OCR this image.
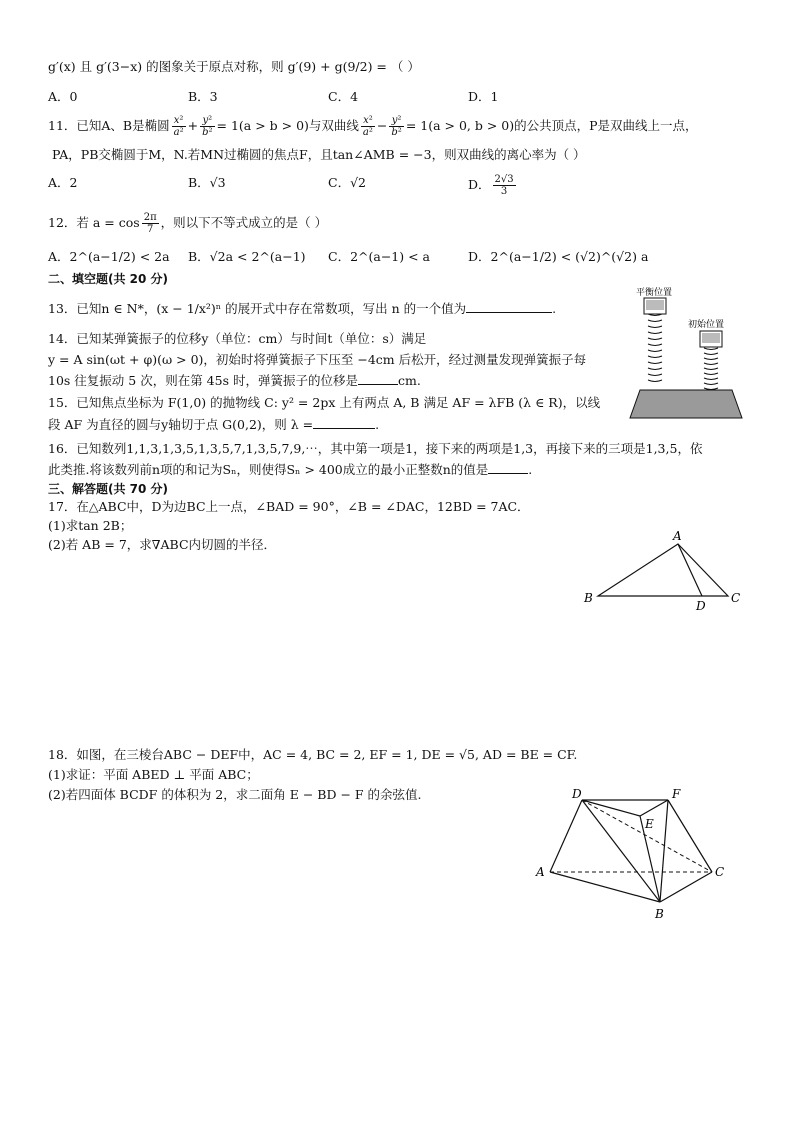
g′(x) 且 g′(3−x) 的图象关于原点对称，则 g′(9) + g(9/2) = （ ）
A．0	B．3	C．4	D．1
11．已知A、B是椭圆 $\frac{\text{x²}}{\text{a²}} + \frac{\text{y²}}{\text{b²}} = 1(a > b > 0)$与双曲线 $\frac{\text{x²}}{\text{a²}} - \frac{\text{y²}}{\text{b²}} = 1(a > 0$, b > 0)的公共顶点，P是双曲线上一点，
PA，PB交椭圆于M，N.若MN过椭圆的焦点F，且tan∠AMB = −3，则双曲线的离心率为（ ）
A．2	B．√3	C．√2	D． $\frac{2√3}{3}$
12．若 $a = \cos \frac{2\pi}{7}$ ，则以下不等式成立的是（ ）
A．2^(a−1/2) < 2a	B．√2a < 2^(a−1)	C．2^(a−1) < a	D．2^(a−1/2) < (√2)^(√2) a
二、填空题(共 20 分)
13．已知n ∈ N*，(x − 1/x²)ⁿ 的展开式中存在常数项，写出 n 的一个值为	.
14．已知某弹簧振子的位移y（单位：cm）与时间t（单位：s）满足
y = A sin(ωt + φ)(ω > 0)，初始时将弹簧振子下压至 −4cm 后松开，经过测量发现弹簧振子每
10s 往复振动 5 次，则在第 45s 时，弹簧振子的位移是	cm.
平衡位置
初始位置
15．已知焦点坐标为 F(1,0) 的抛物线 C: y² = 2px 上有两点 A, B 满足 AF = λFB (λ ∈ R)，以线
段 AF 为直径的圆与y轴切于点 G(0,2)，则 λ =	.
16．已知数列1,1,3,1,3,5,1,3,5,7,1,3,5,7,9,⋯，其中第一项是1，接下来的两项是1,3，再接下来的三项是1,3,5，依
此类推.将该数列前n项的和记为Sₙ，则使得Sₙ > 400成立的最小正整数n的值是	.
三、解答题(共 70 分)
17．在△ABC中，D为边BC上一点，∠BAD = 90°，∠B = ∠DAC，12BD = 7AC．
(1)求tan 2B；
(2)若 AB = 7，求∇ABC内切圆的半径．
A
B
D
C
18．如图，在三棱台ABC − DEF中，AC = 4, BC = 2, EF = 1, DE = √5, AD = BE = CF.
(1)求证：平面 ABED ⊥ 平面 ABC；
(2)若四面体 BCDF 的体积为 2，求二面角 E − BD − F 的余弦值.	D	F
E
A	C
B
